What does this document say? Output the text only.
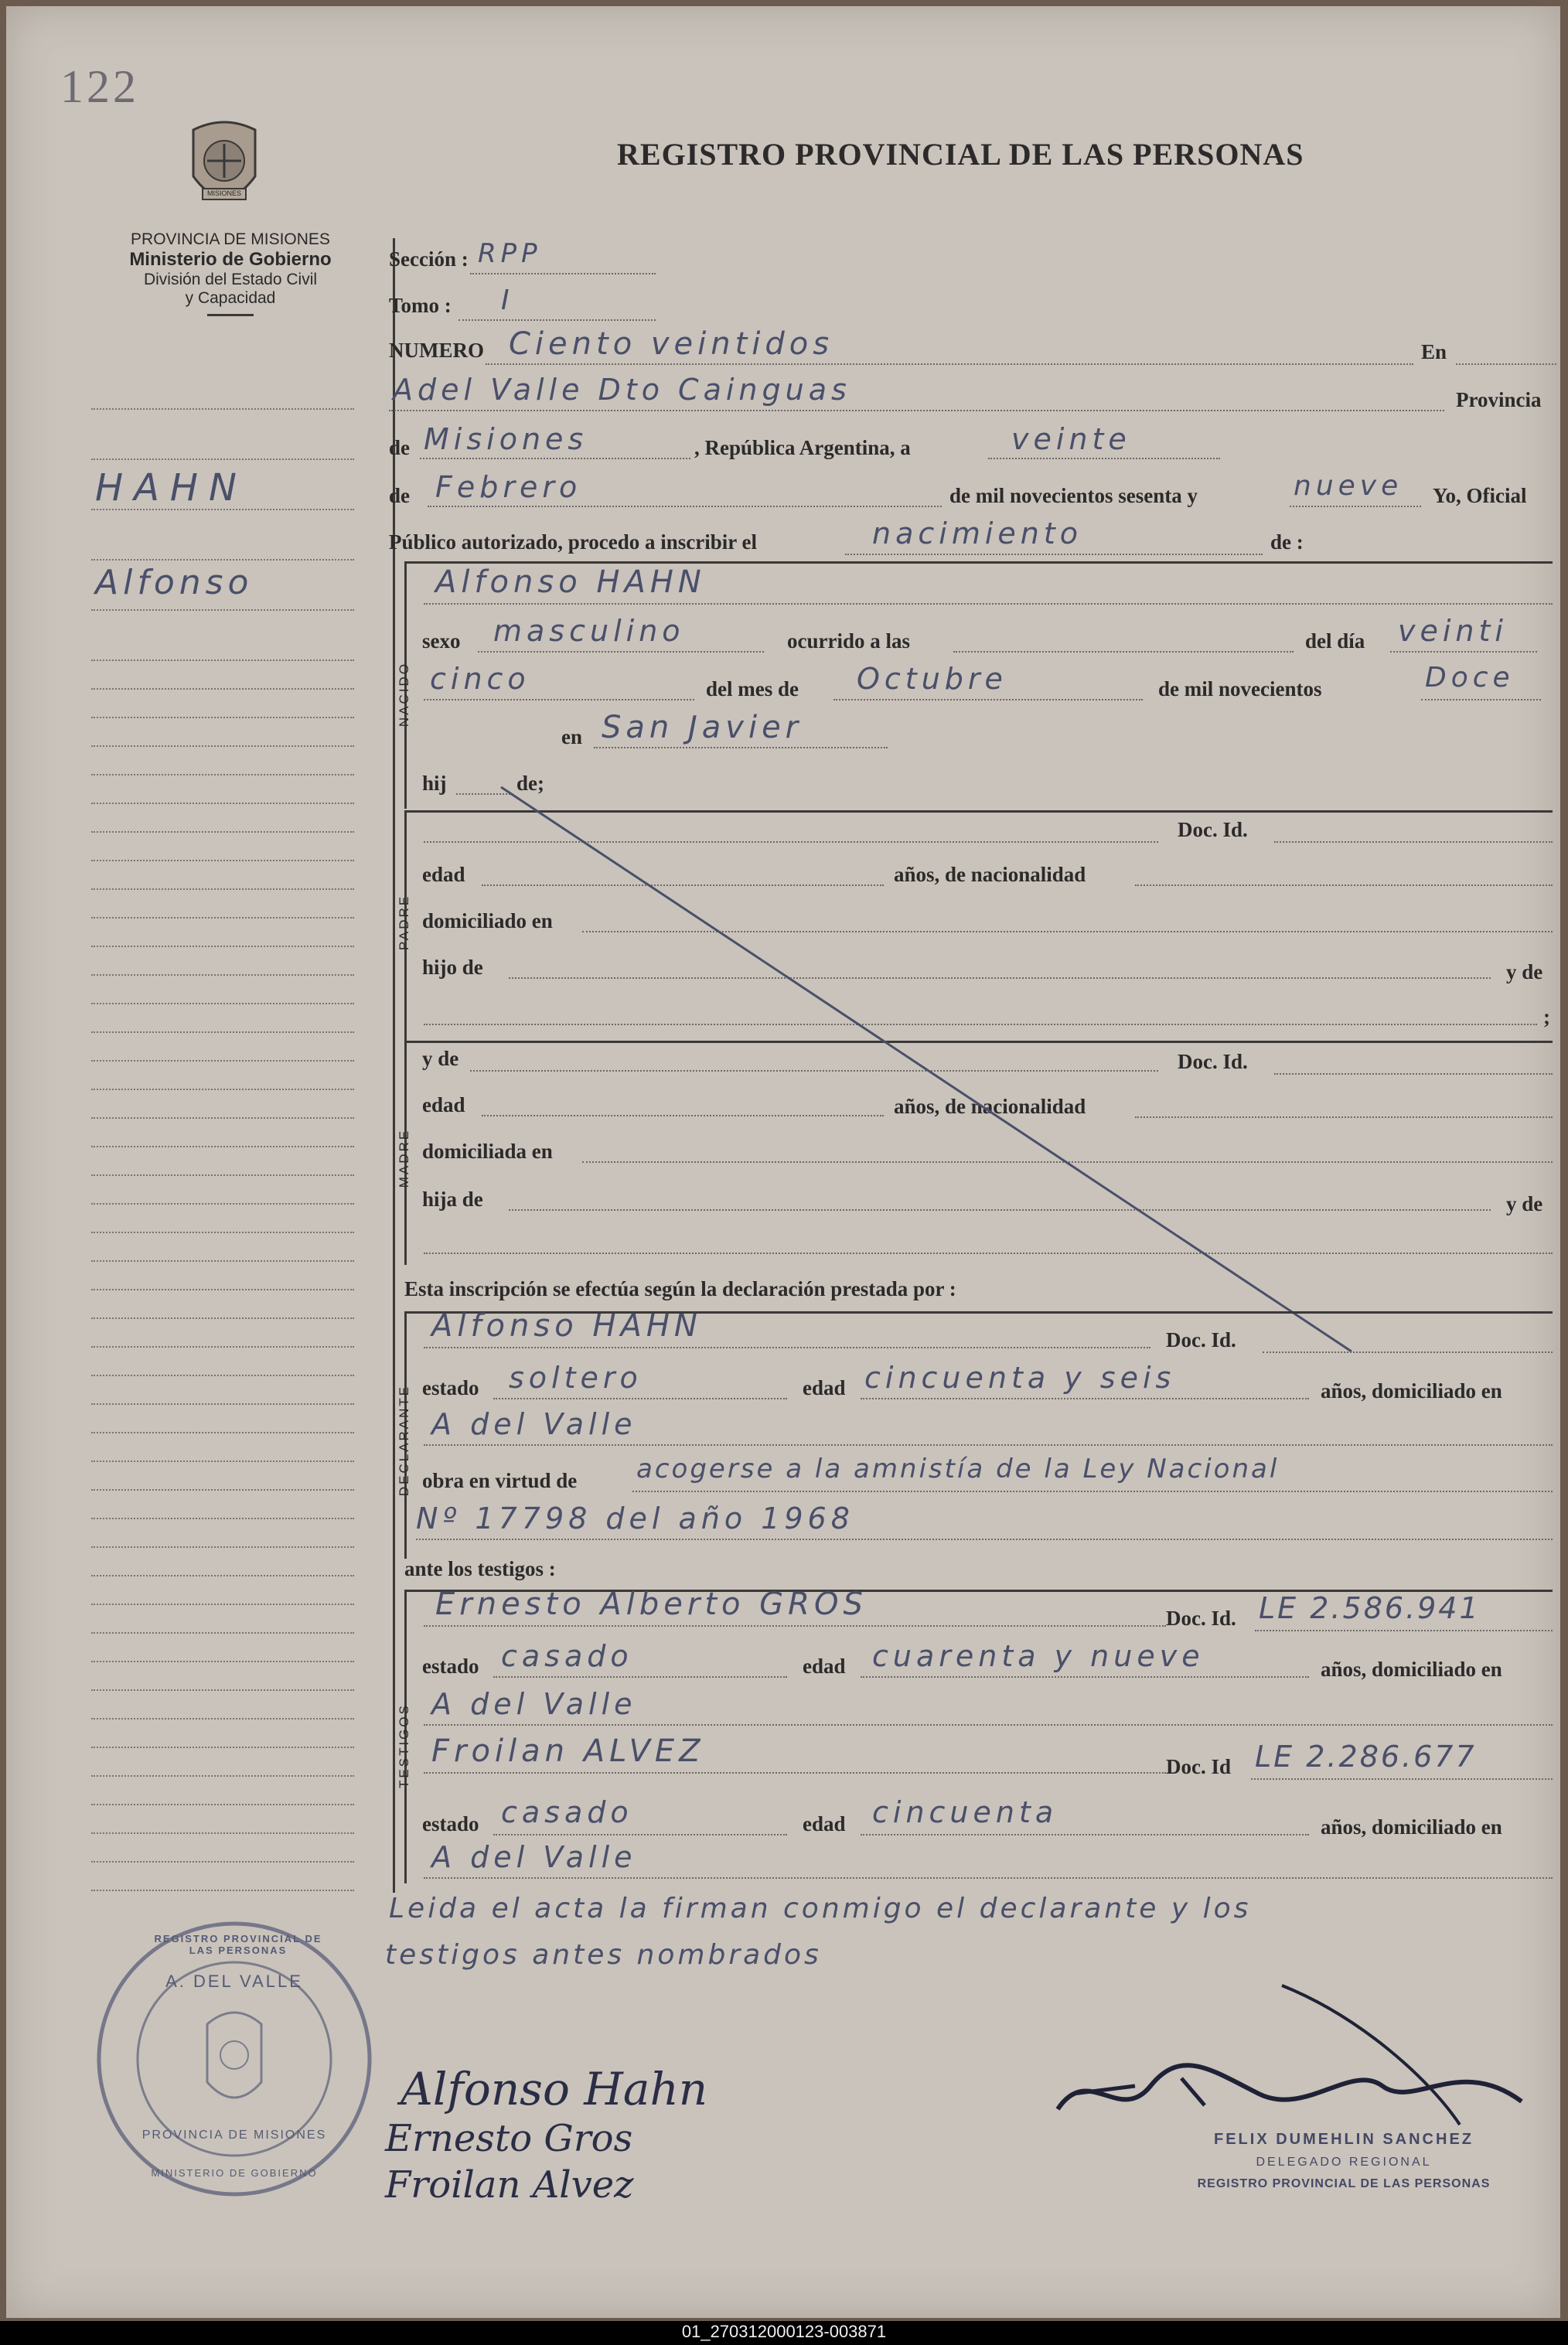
122
MISIONES
REGISTRO PROVINCIAL DE LAS PERSONAS
PROVINCIA DE MISIONES
Ministerio de Gobierno
División del Estado Civil
y Capacidad
HAHN
Alfonso
Sección : RPP
Tomo : I
NUMERO Ciento veintidos	En
Adel Valle Dto Cainguas	Provincia
de Misiones	, República Argentina, a	veinte
de Febrero	de mil novecientos sesenta y	nueve Yo, Oficial
Público autorizado, procedo a inscribir el	nacimiento	de :
NACIDO
Alfonso HAHN
sexo masculino	ocurrido a las	del día veinti
cinco	del mes de Octubre	de mil novecientos	Doce
en San Javier
hij	de;
PADRE
Doc. Id.
edad	años, de nacionalidad
domiciliado en
hijo de	y de
;
MADRE
y de	Doc. Id.
edad	años, de nacionalidad
domiciliada en
hija de	y de
Esta inscripción se efectúa según la declaración prestada por :
DECLARANTE
Alfonso HAHN	Doc. Id.
estado soltero	edad cincuenta y seis	años, domiciliado en
A del Valle
obra en virtud de acogerse a la amnistía de la Ley Nacional
Nº 17798 del año 1968
ante los testigos :
TESTIGOS
Ernesto Alberto GROS	Doc. Id. LE 2.586.941
estado casado	edad cuarenta y nueve	años, domiciliado en
A del Valle
Froilan ALVEZ	Doc. Id LE 2.286.677
estado casado	edad cincuenta	años, domiciliado en
A del Valle
Leida el acta la firman conmigo el declarante y los
testigos antes nombrados
REGISTRO PROVINCIAL DE LAS PERSONAS
A. DEL VALLE
PROVINCIA DE MISIONES
MINISTERIO DE GOBIERNO
Alfonso Hahn
Ernesto Gros
Froilan Alvez
FELIX DUMEHLIN SANCHEZ
DELEGADO REGIONAL
REGISTRO PROVINCIAL DE LAS PERSONAS
01_270312000123-003871
